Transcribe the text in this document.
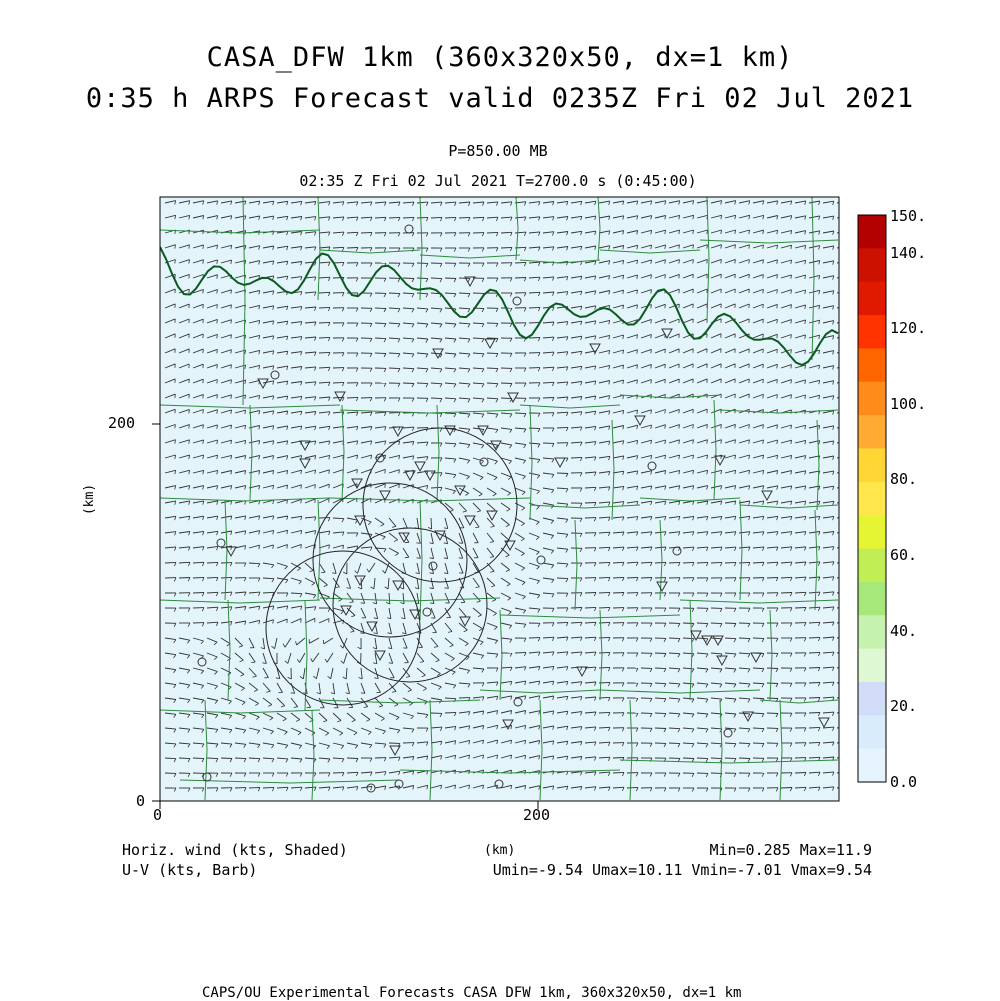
CASA_DFW 1km (360x320x50, dx=1 km)
0:35 h ARPS Forecast valid 0235Z Fri 02 Jul 2021
P=850.00 MB
02:35 Z Fri 02 Jul 2021 T=2700.0 s (0:45:00)
200
0
0	200
(km)
(km)
150.
140.
120.
100.
80.
60.
40.
20.
0.0
Horiz. wind (kts, Shaded)
U-V (kts, Barb)
Min=0.285 Max=11.9
Umin=-9.54 Umax=10.11 Vmin=-7.01 Vmax=9.54
CAPS/OU Experimental Forecasts CASA DFW 1km, 360x320x50, dx=1 km
